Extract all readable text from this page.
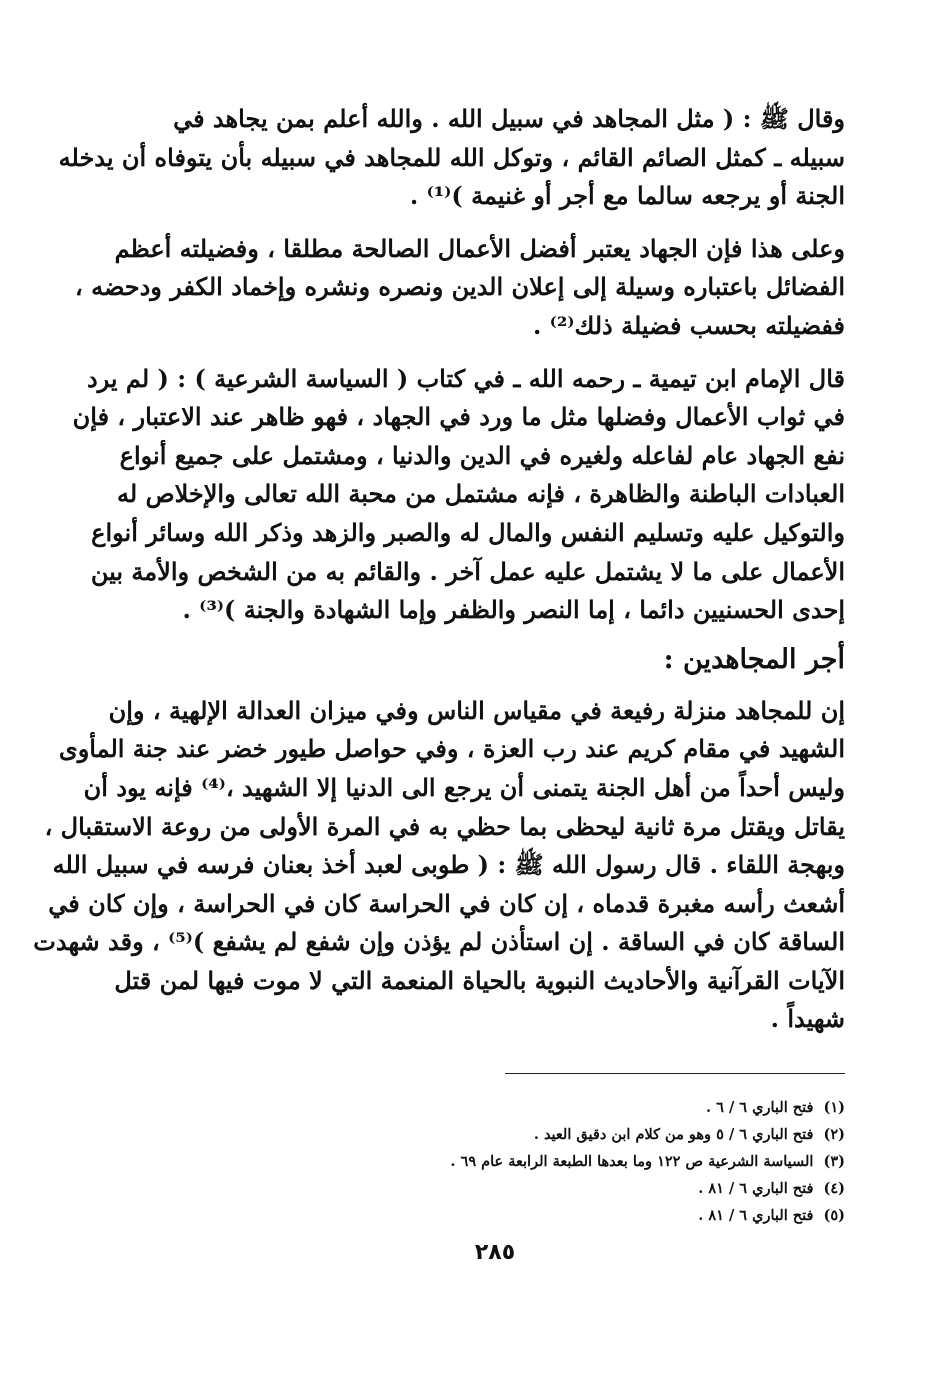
وقال ﷺ : ( مثل المجاهد في سبيل الله . والله أعلم بمن يجاهد في
سبيله ـ كمثل الصائم القائم ، وتوكل الله للمجاهد في سبيله بأن يتوفاه أن يدخله
الجنة أو يرجعه سالما مع أجر أو غنيمة )⁽¹⁾ .

وعلى هذا فإن الجهاد يعتبر أفضل الأعمال الصالحة مطلقا ، وفضيلته أعظم
الفضائل باعتباره وسيلة إلى إعلان الدين ونصره ونشره وإخماد الكفر ودحضه ،
ففضيلته بحسب فضيلة ذلك⁽²⁾ .

قال الإمام ابن تيمية ـ رحمه الله ـ في كتاب ( السياسة الشرعية ) : ( لم يرد
في ثواب الأعمال وفضلها مثل ما ورد في الجهاد ، فهو ظاهر عند الاعتبار ، فإن
نفع الجهاد عام لفاعله ولغيره في الدين والدنيا ، ومشتمل على جميع أنواع
العبادات الباطنة والظاهرة ، فإنه مشتمل من محبة الله تعالى والإخلاص له
والتوكيل عليه وتسليم النفس والمال له والصبر والزهد وذكر الله وسائر أنواع
الأعمال على ما لا يشتمل عليه عمل آخر . والقائم به من الشخص والأمة بين
إحدى الحسنيين دائما ، إما النصر والظفر وإما الشهادة والجنة )⁽³⁾ .

أجر المجاهدين :

إن للمجاهد منزلة رفيعة في مقياس الناس وفي ميزان العدالة الإلهية ، وإن
الشهيد في مقام كريم عند رب العزة ، وفي حواصل طيور خضر عند جنة المأوى
وليس أحداً من أهل الجنة يتمنى أن يرجع الى الدنيا إلا الشهيد ،⁽⁴⁾ فإنه يود أن
يقاتل ويقتل مرة ثانية ليحظى بما حظي به في المرة الأولى من روعة الاستقبال ،
وبهجة اللقاء . قال رسول الله ﷺ : ( طوبى لعبد أخذ بعنان فرسه في سبيل الله
أشعث رأسه مغبرة قدماه ، إن كان في الحراسة كان في الحراسة ، وإن كان في
الساقة كان في الساقة . إن استأذن لم يؤذن وإن شفع لم يشفع )⁽⁵⁾ ، وقد شهدت
الآيات القرآنية والأحاديث النبوية بالحياة المنعمة التي لا موت فيها لمن قتل
شهيداً .

(١)فتح الباري ٦ / ٦ .
(٢)فتح الباري ٦ / ٥ وهو من كلام ابن دقيق العيد .
(٣)السياسة الشرعية ص ١٢٢ وما بعدها الطبعة الرابعة عام ٦٩ .
(٤)فتح الباري ٦ / ٨١ .
(٥)فتح الباري ٦ / ٨١ .
٢٨٥
